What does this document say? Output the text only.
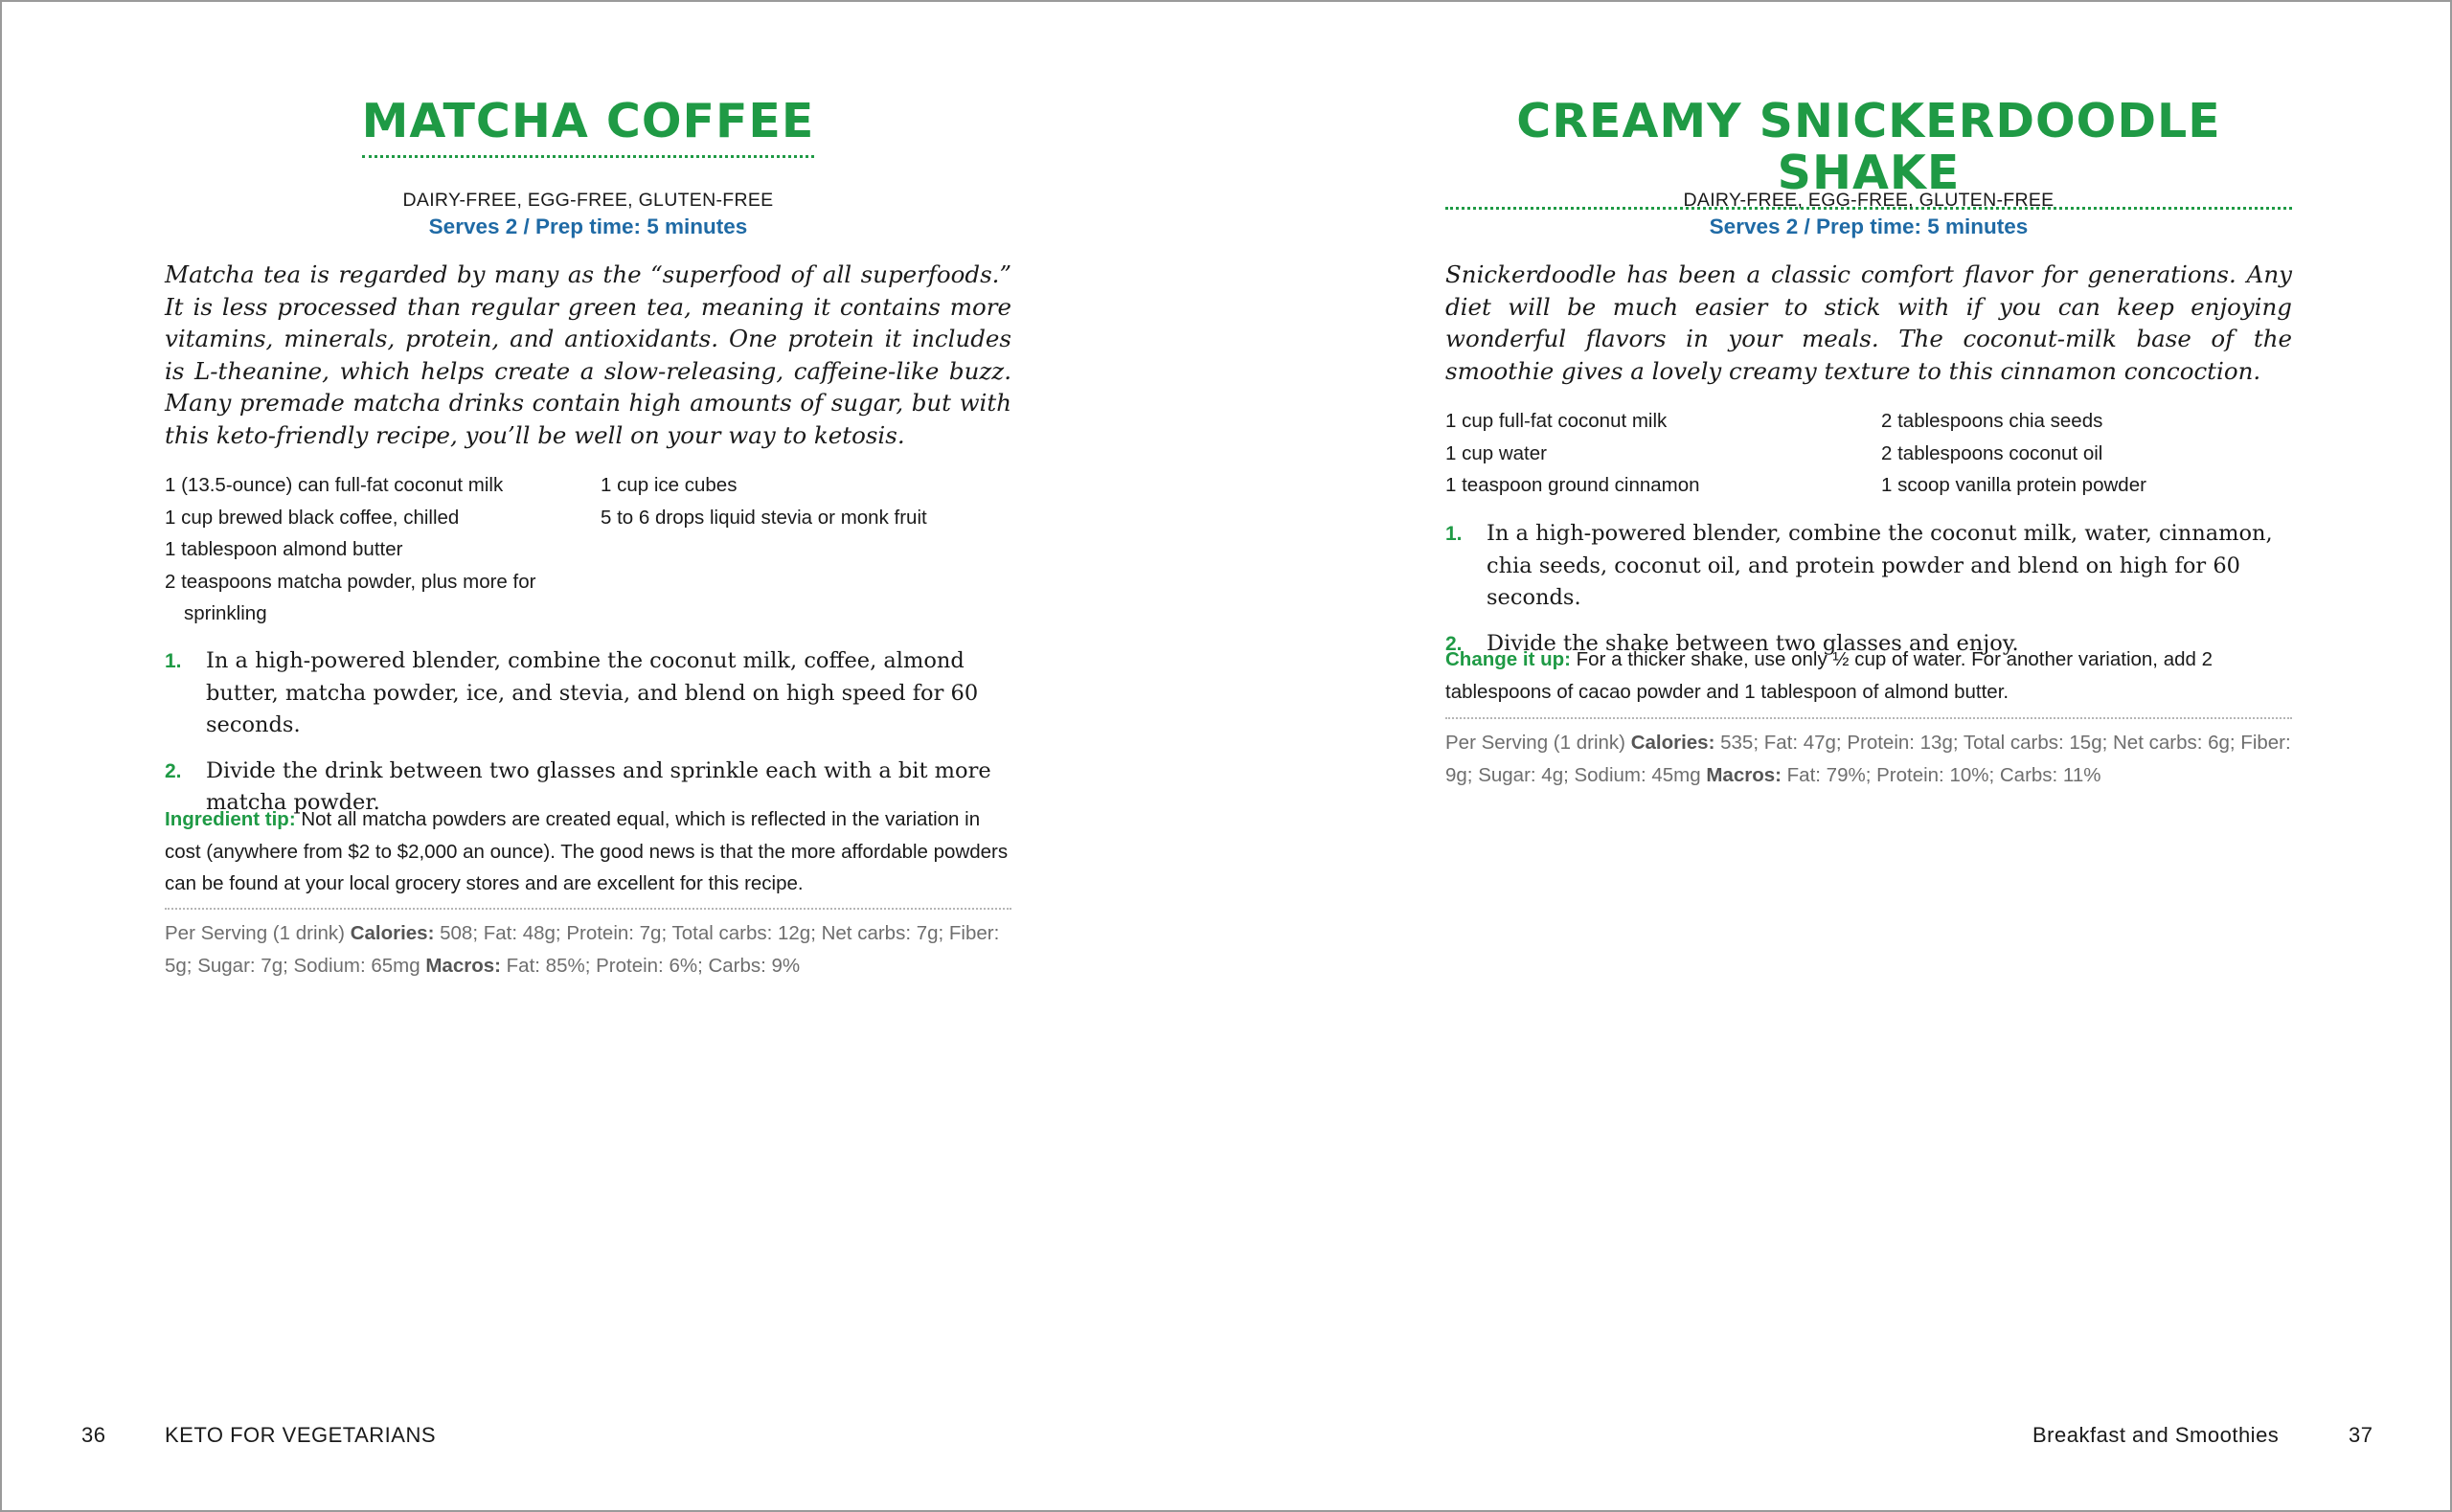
MATCHA COFFEE
DAIRY-FREE, EGG-FREE, GLUTEN-FREE
Serves 2 / Prep time: 5 minutes

Matcha tea is regarded by many as the “superfood of all superfoods.” It is less processed than regular green tea, meaning it contains more vitamins, minerals, protein, and antioxidants. One protein it includes is L-theanine, which helps create a slow-releasing, caffeine-like buzz. Many premade matcha drinks contain high amounts of sugar, but with this keto-friendly recipe, you’ll be well on your way to ketosis.

1 (13.5-ounce) can full-fat coconut milk
1 cup brewed black coffee, chilled
1 tablespoon almond butter
2 teaspoons matcha powder, plus more for
sprinkling
1 cup ice cubes
5 to 6 drops liquid stevia or monk fruit
1. In a high-powered blender, combine the coconut milk, coffee, almond butter, matcha powder, ice, and stevia, and blend on high speed for 60 seconds.
2. Divide the drink between two glasses and sprinkle each with a bit more matcha powder.

Ingredient tip: Not all matcha powders are created equal, which is reflected in the variation in cost (anywhere from $2 to $2,000 an ounce). The good news is that the more affordable powders can be found at your local grocery stores and are excellent for this recipe.

Per Serving (1 drink) Calories: 508; Fat: 48g; Protein: 7g; Total carbs: 12g; Net carbs: 7g; Fiber: 5g; Sugar: 7g; Sodium: 65mg Macros: Fat: 85%; Protein: 6%; Carbs: 9%

36	KETO FOR VEGETARIANS
CREAMY SNICKERDOODLE SHAKE
DAIRY-FREE, EGG-FREE, GLUTEN-FREE
Serves 2 / Prep time: 5 minutes

Snickerdoodle has been a classic comfort flavor for generations. Any diet will be much easier to stick with if you can keep enjoying wonderful flavors in your meals. The coconut-milk base of the smoothie gives a lovely creamy texture to this cinnamon concoction.

1 cup full-fat coconut milk
1 cup water
1 teaspoon ground cinnamon
2 tablespoons chia seeds
2 tablespoons coconut oil
1 scoop vanilla protein powder
1. In a high-powered blender, combine the coconut milk, water, cinnamon, chia seeds, coconut oil, and protein powder and blend on high for 60 seconds.
2. Divide the shake between two glasses and enjoy.

Change it up: For a thicker shake, use only ½ cup of water. For another variation, add 2 tablespoons of cacao powder and 1 tablespoon of almond butter.

Per Serving (1 drink) Calories: 535; Fat: 47g; Protein: 13g; Total carbs: 15g; Net carbs: 6g; Fiber: 9g; Sugar: 4g; Sodium: 45mg Macros: Fat: 79%; Protein: 10%; Carbs: 11%

Breakfast and Smoothies	37
